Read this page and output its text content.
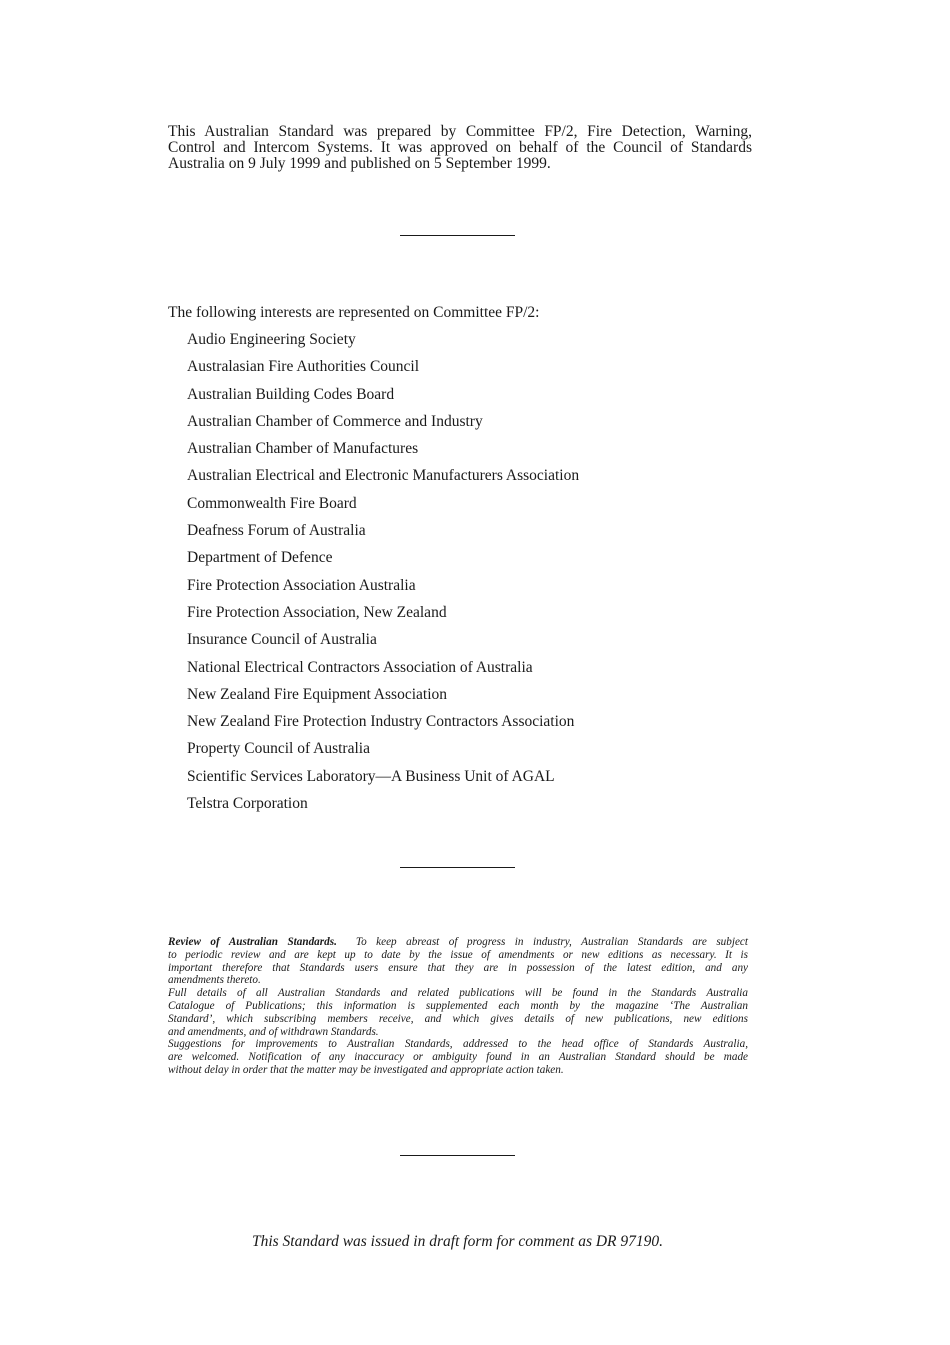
This Australian Standard was prepared by Committee FP/2, Fire Detection, Warning,
Control and Intercom Systems. It was approved on behalf of the Council of Standards
Australia on 9 July 1999 and published on 5 September 1999.
The following interests are represented on Committee FP/2:
Audio Engineering Society
Australasian Fire Authorities Council
Australian Building Codes Board
Australian Chamber of Commerce and Industry
Australian Chamber of Manufactures
Australian Electrical and Electronic Manufacturers Association
Commonwealth Fire Board
Deafness Forum of Australia
Department of Defence
Fire Protection Association Australia
Fire Protection Association, New Zealand
Insurance Council of Australia
National Electrical Contractors Association of Australia
New Zealand Fire Equipment Association
New Zealand Fire Protection Industry Contractors Association
Property Council of Australia
Scientific Services Laboratory—A Business Unit of AGAL
Telstra Corporation

Review of Australian Standards. To keep abreast of progress in industry, Australian Standards are subject
to periodic review and are kept up to date by the issue of amendments or new editions as necessary. It is
important therefore that Standards users ensure that they are in possession of the latest edition, and any
amendments thereto.

Full details of all Australian Standards and related publications will be found in the Standards Australia
Catalogue of Publications; this information is supplemented each month by the magazine ‘The Australian
Standard’, which subscribing members receive, and which gives details of new publications, new editions
and amendments, and of withdrawn Standards.

Suggestions for improvements to Australian Standards, addressed to the head office of Standards Australia,
are welcomed. Notification of any inaccuracy or ambiguity found in an Australian Standard should be made
without delay in order that the matter may be investigated and appropriate action taken.

This Standard was issued in draft form for comment as DR 97190.
